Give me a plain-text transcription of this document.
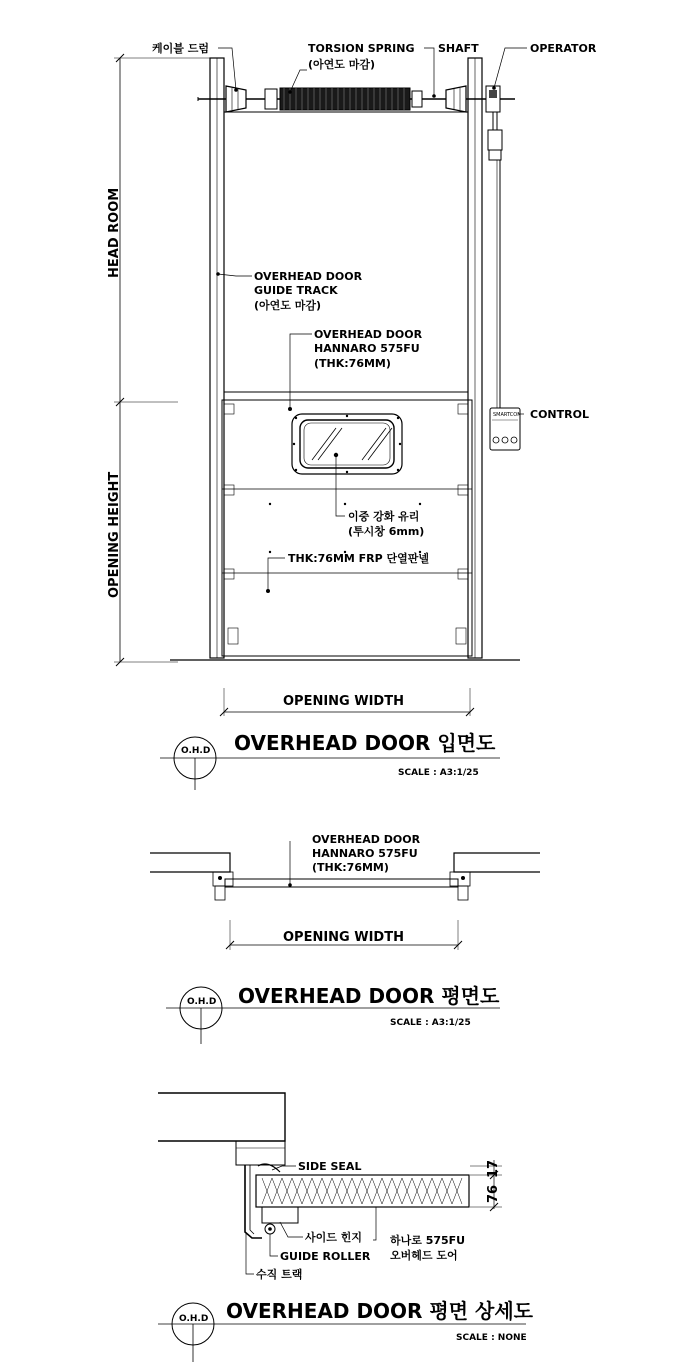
SMARTCON
HEAD ROOM
OPENING HEIGHT
OPENING WIDTH
케이블 드럼	TORSION SPRING
(아연도 마감)
SHAFT	OPERATOR
OVERHEAD DOOR
GUIDE TRACK
(아연도 마감)
OVERHEAD DOOR
HANNARO 575FU
(THK:76MM)
CONTROL
이중 강화 유리
(투시창 6mm)
THK:76MM FRP 단열판넬
O.H.D OVERHEAD DOOR 입면도
SCALE : A3:1/25
OPENING WIDTH
OVERHEAD DOOR
HANNARO 575FU
(THK:76MM)
O.H.D OVERHEAD DOOR 평면도
SCALE : A3:1/25
76
17
SIDE SEAL
사이드 힌지
GUIDE ROLLER
수직 트랙
하나로 575FU
오버헤드 도어
O.H.D OVERHEAD DOOR 평면 상세도
SCALE : NONE
